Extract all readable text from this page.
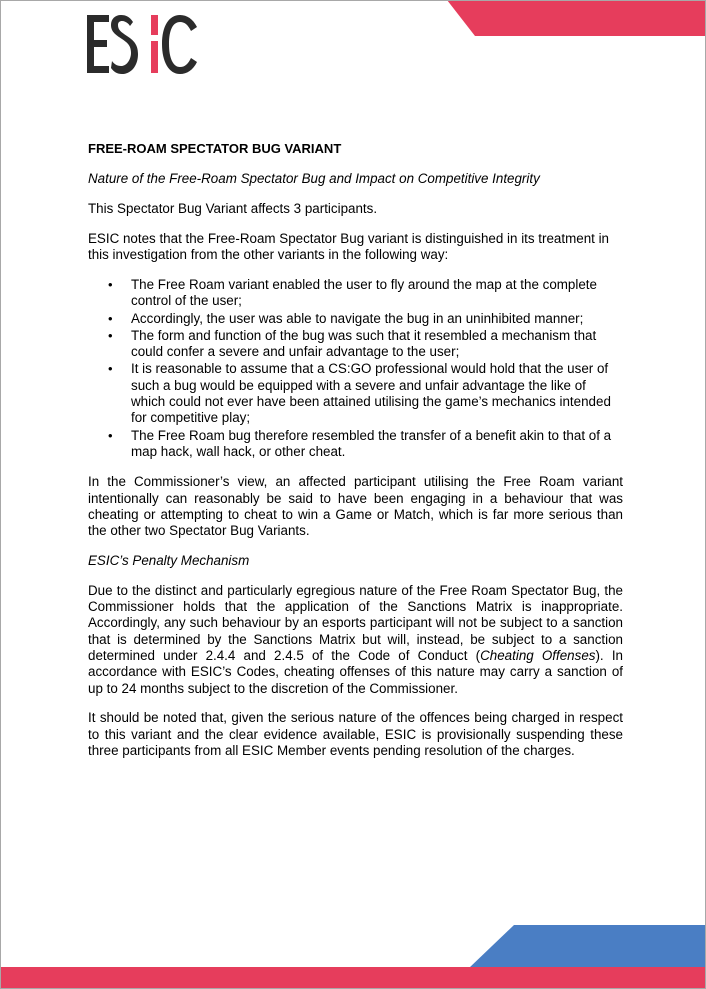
FREE-ROAM SPECTATOR BUG VARIANT

Nature of the Free-Roam Spectator Bug and Impact on Competitive Integrity

This Spectator Bug Variant affects 3 participants.

ESIC notes that the Free-Roam Spectator Bug variant is distinguished in its treatment in this investigation from the other variants in the following way:

• The Free Roam variant enabled the user to fly around the map at the complete control of the user;
• Accordingly, the user was able to navigate the bug in an uninhibited manner;
• The form and function of the bug was such that it resembled a mechanism that could confer a severe and unfair advantage to the user;
• It is reasonable to assume that a CS:GO professional would hold that the user of such a bug would be equipped with a severe and unfair advantage the like of which could not ever have been attained utilising the game’s mechanics intended for competitive play;
• The Free Roam bug therefore resembled the transfer of a benefit akin to that of a map hack, wall hack, or other cheat.

In the Commissioner’s view, an affected participant utilising the Free Roam variant intentionally can reasonably be said to have been engaging in a behaviour that was cheating or attempting to cheat to win a Game or Match, which is far more serious than the other two Spectator Bug Variants.

ESIC’s Penalty Mechanism

Due to the distinct and particularly egregious nature of the Free Roam Spectator Bug, the Commissioner holds that the application of the Sanctions Matrix is inappropriate. Accordingly, any such behaviour by an esports participant will not be subject to a sanction that is determined by the Sanctions Matrix but will, instead, be subject to a sanction determined under 2.4.4 and 2.4.5 of the Code of Conduct (Cheating Offenses). In accordance with ESIC’s Codes, cheating offenses of this nature may carry a sanction of up to 24 months subject to the discretion of the Commissioner.

It should be noted that, given the serious nature of the offences being charged in respect to this variant and the clear evidence available, ESIC is provisionally suspending these three participants from all ESIC Member events pending resolution of the charges.
